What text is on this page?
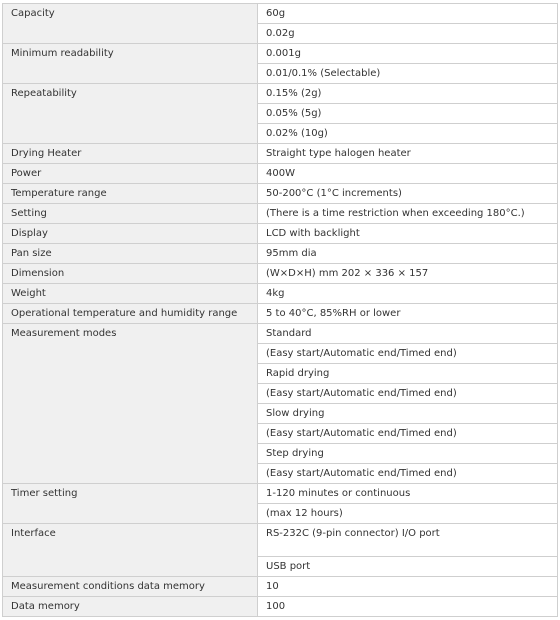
Capacity	60g
	0.02g
Minimum readability	0.001g
	0.01/0.1% (Selectable)
Repeatability	0.15% (2g)
	0.05% (5g)
	0.02% (10g)
Drying Heater	Straight type halogen heater
Power	400W
Temperature range	50-200°C (1°C increments)
Setting	(There is a time restriction when exceeding 180°C.)
Display	LCD with backlight
Pan size	95mm dia
Dimension	(W×D×H) mm 202 × 336 × 157
Weight	4kg
Operational temperature and humidity range	5 to 40°C, 85%RH or lower
Measurement modes	Standard
	(Easy start/Automatic end/Timed end)
	Rapid drying
	(Easy start/Automatic end/Timed end)
	Slow drying
	(Easy start/Automatic end/Timed end)
	Step drying
	(Easy start/Automatic end/Timed end)
Timer setting	1-120 minutes or continuous
	(max 12 hours)
Interface	RS-232C (9-pin connector) I/O port
	USB port
Measurement conditions data memory	10
Data memory	100
